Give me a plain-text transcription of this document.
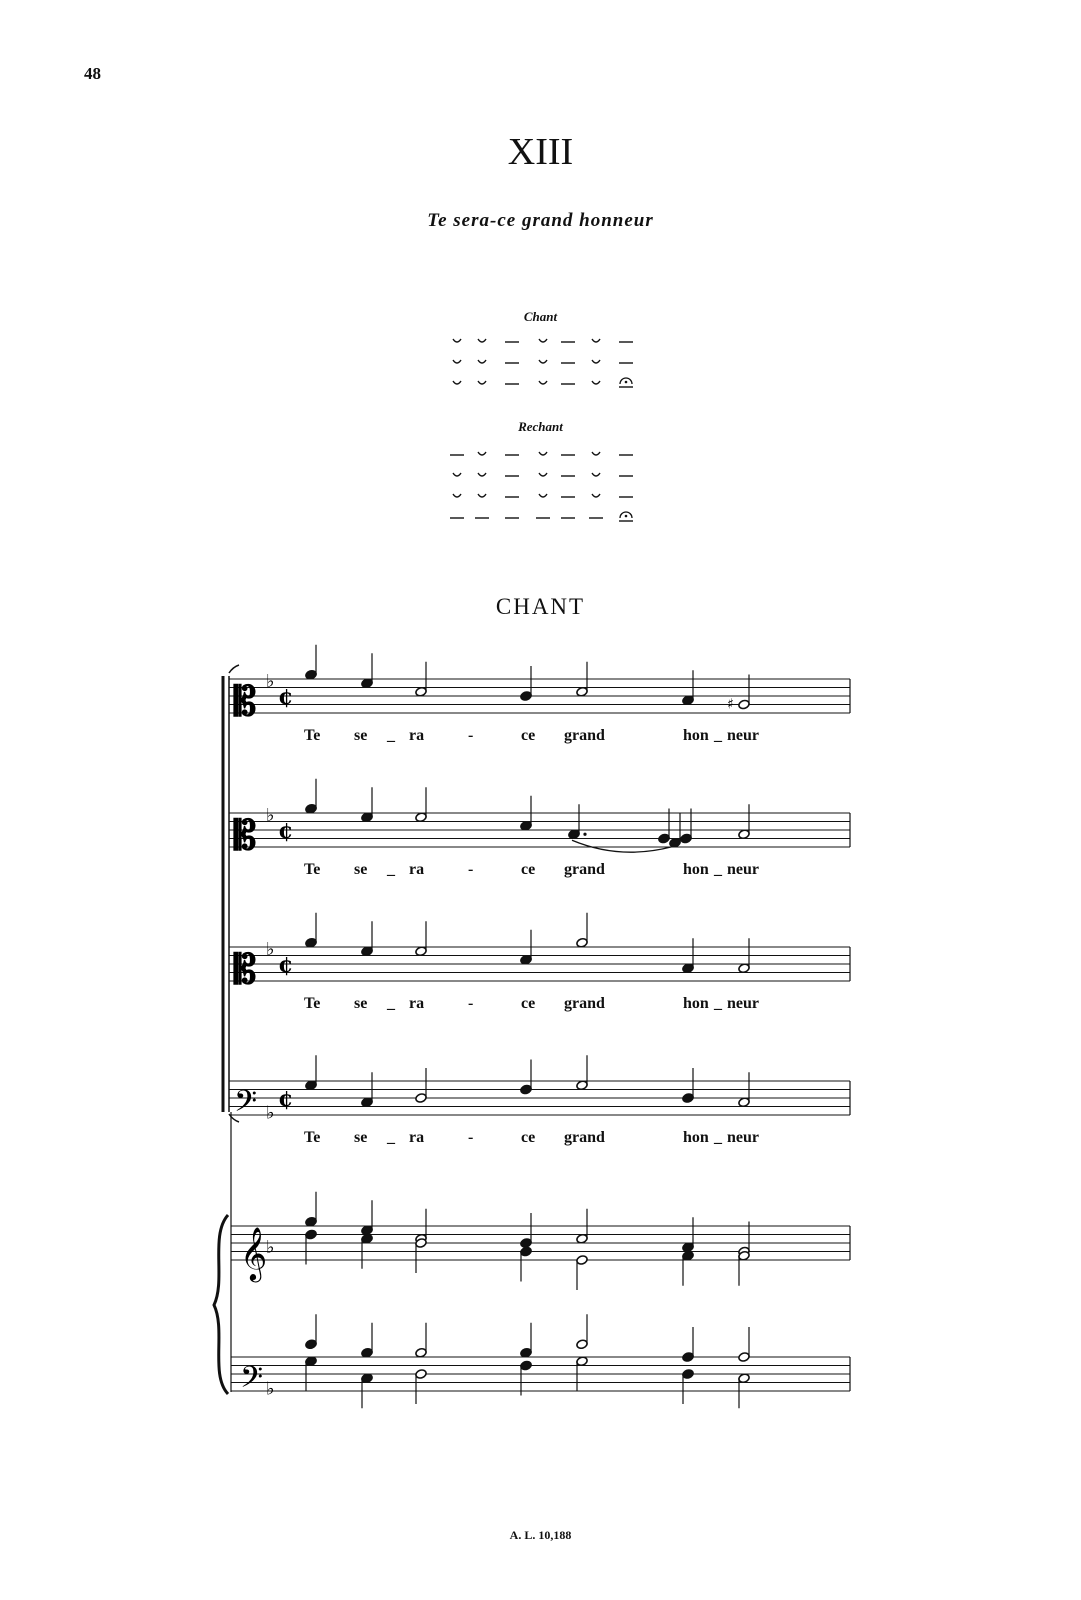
48
XIII
Te sera-ce grand honneur
Chant
Rechant
CHANT
𝄡 ♭
¢
𝄡 ♭
¢
𝄡 ♭
¢
𝄢 ♭
¢
𝄞
♭
𝄢 ♭
♯
Te se _ ra	-	ce grand	hon _ neur
Te se _ ra	-	ce grand	hon _ neur
Te se _ ra	-	ce grand	hon _ neur
Te se _ ra	-	ce grand	hon _ neur
A. L. 10,188
